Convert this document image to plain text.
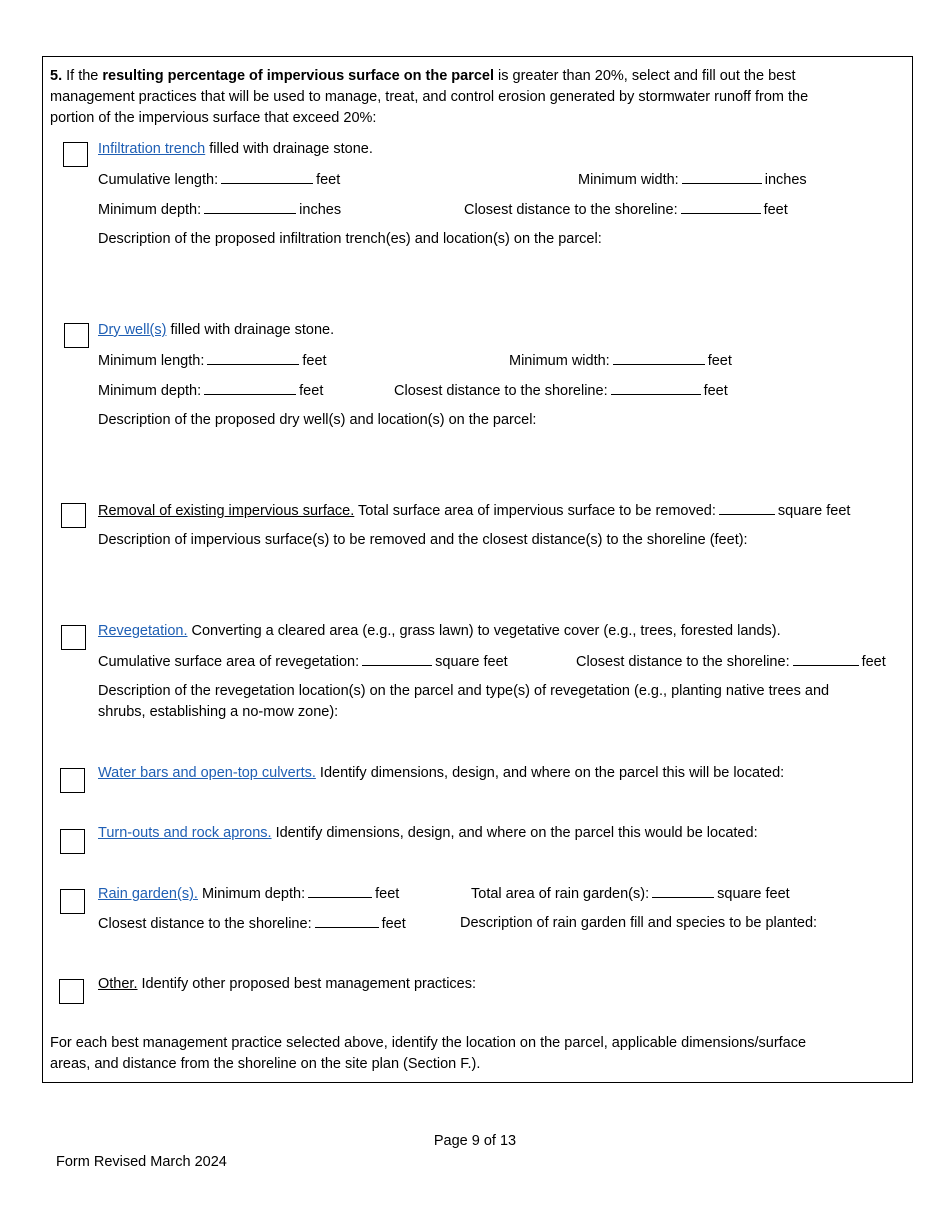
5. If the resulting percentage of impervious surface on the parcel is greater than 20%, select and fill out the best
management practices that will be used to manage, treat, and control erosion generated by stormwater runoff from the
portion of the impervious surface that exceed 20%:
Infiltration trench filled with drainage stone.
Cumulative length:	feet	Minimum width:	inches
Minimum depth:	inches	Closest distance to the shoreline:	feet
Description of the proposed infiltration trench(es) and location(s) on the parcel:
Dry well(s) filled with drainage stone.
Minimum length:	feet	Minimum width:	feet
Minimum depth:	feet	Closest distance to the shoreline:	feet
Description of the proposed dry well(s) and location(s) on the parcel:
Removal of existing impervious surface. Total surface area of impervious surface to be removed:	square feet
Description of impervious surface(s) to be removed and the closest distance(s) to the shoreline (feet):
Revegetation. Converting a cleared area (e.g., grass lawn) to vegetative cover (e.g., trees, forested lands).
Cumulative surface area of revegetation:	square feet	Closest distance to the shoreline:	feet
Description of the revegetation location(s) on the parcel and type(s) of revegetation (e.g., planting native trees and
shrubs, establishing a no-mow zone):
Water bars and open-top culverts. Identify dimensions, design, and where on the parcel this will be located:
Turn-outs and rock aprons. Identify dimensions, design, and where on the parcel this would be located:
Rain garden(s). Minimum depth:	feet	Total area of rain garden(s):	square feet
Closest distance to the shoreline:	feet	Description of rain garden fill and species to be planted:
Other. Identify other proposed best management practices:
For each best management practice selected above, identify the location on the parcel, applicable dimensions/surface
areas, and distance from the shoreline on the site plan (Section F.).
Page 9 of 13
Form Revised March 2024
